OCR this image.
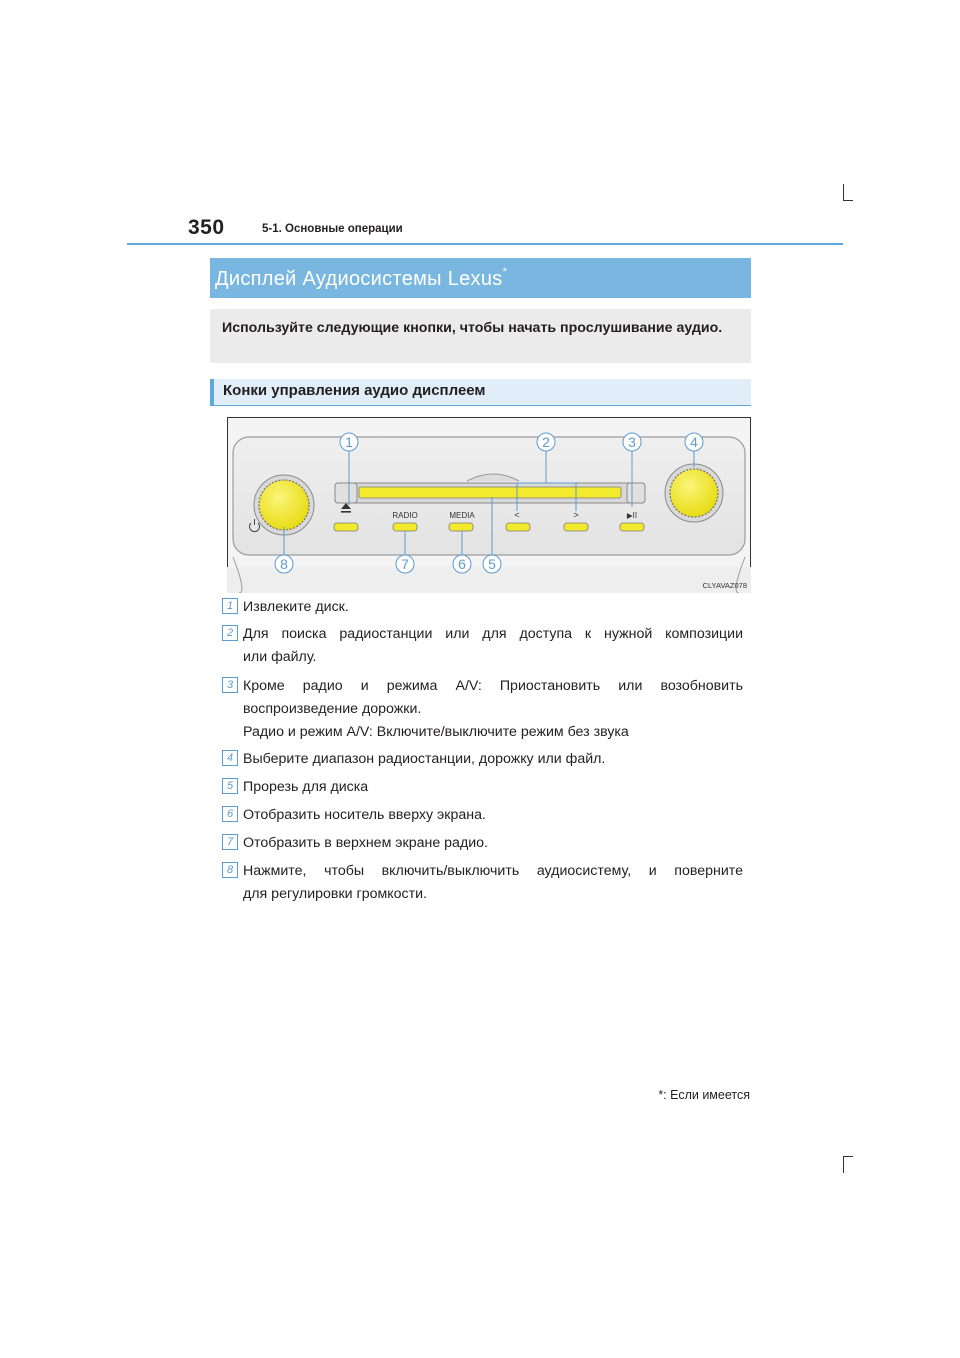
350	5-1. Основные операции
Дисплей Аудиосистемы Lexus*

Используйте следующие кнопки, чтобы начать прослушивание аудио.

Конки управления аудио дисплеем
RADIO	MEDIA	<	>	▶II
1	2	3	4
5
6
7
8
CLYAVAZ078
1 Извлеките диск.
2 Для поиска радиостанции или для доступа к нужной композиции
или файлу.
3 Кроме радио и режима A/V: Приостановить или возобновить
воспроизведение дорожки.
Радио и режим A/V: Включите/выключите режим без звука
4 Выберите диапазон радиостанции, дорожку или файл.
5 Прорезь для диска
6 Отобразить носитель вверху экрана.
7 Отобразить в верхнем экране радио.
8 Нажмите, чтобы включить/выключить аудиосистему, и поверните
для регулировки громкости.
*: Если имеется
